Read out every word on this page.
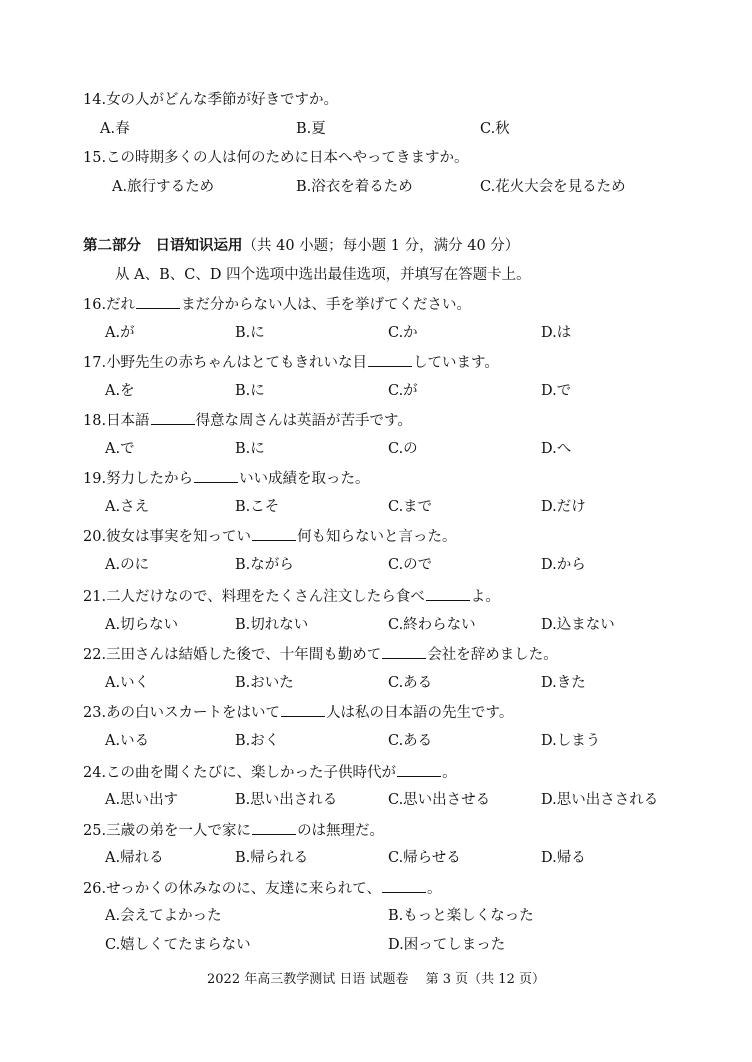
14.女の人がどんな季節が好きですか。
A.春	B.夏	C.秋
15.この時期多くの人は何のために日本へやってきますか。
A.旅行するため	B.浴衣を着るため	C.花火大会を見るため
第二部分　日语知识运用（共 40 小题；每小题 1 分，满分 40 分）
从 A、B、C、D 四个选项中选出最佳选项，并填写在答题卡上。
16.だれ	まだ分からない人は、手を挙げてください。
A.が	B.に	C.か	D.は
17.小野先生の赤ちゃんはとてもきれいな目	しています。
A.を	B.に	C.が	D.で
18.日本語	得意な周さんは英語が苦手です。
A.で	B.に	C.の	D.へ
19.努力したから	いい成績を取った。
A.さえ	B.こそ	C.まで	D.だけ
20.彼女は事実を知ってい	何も知らないと言った。
A.のに	B.ながら	C.ので	D.から
21.二人だけなので、料理をたくさん注文したら食べ	よ。
A.切らない	B.切れない	C.終わらない	D.込まない
22.三田さんは結婚した後で、十年間も勤めて	会社を辞めました。
A.いく	B.おいた	C.ある	D.きた
23.あの白いスカートをはいて	人は私の日本語の先生です。
A.いる	B.おく	C.ある	D.しまう
24.この曲を聞くたびに、楽しかった子供時代が	。
A.思い出す	B.思い出される	C.思い出させる	D.思い出さされる
25.三歳の弟を一人で家に	のは無理だ。
A.帰れる	B.帰られる	C.帰らせる	D.帰る
26.せっかくの休みなのに、友達に来られて、	。
A.会えてよかった	B.もっと楽しくなった
C.嬉しくてたまらない	D.困ってしまった
2022 年高三教学测试 日语 试题卷　 第 3 页（共 12 页）
